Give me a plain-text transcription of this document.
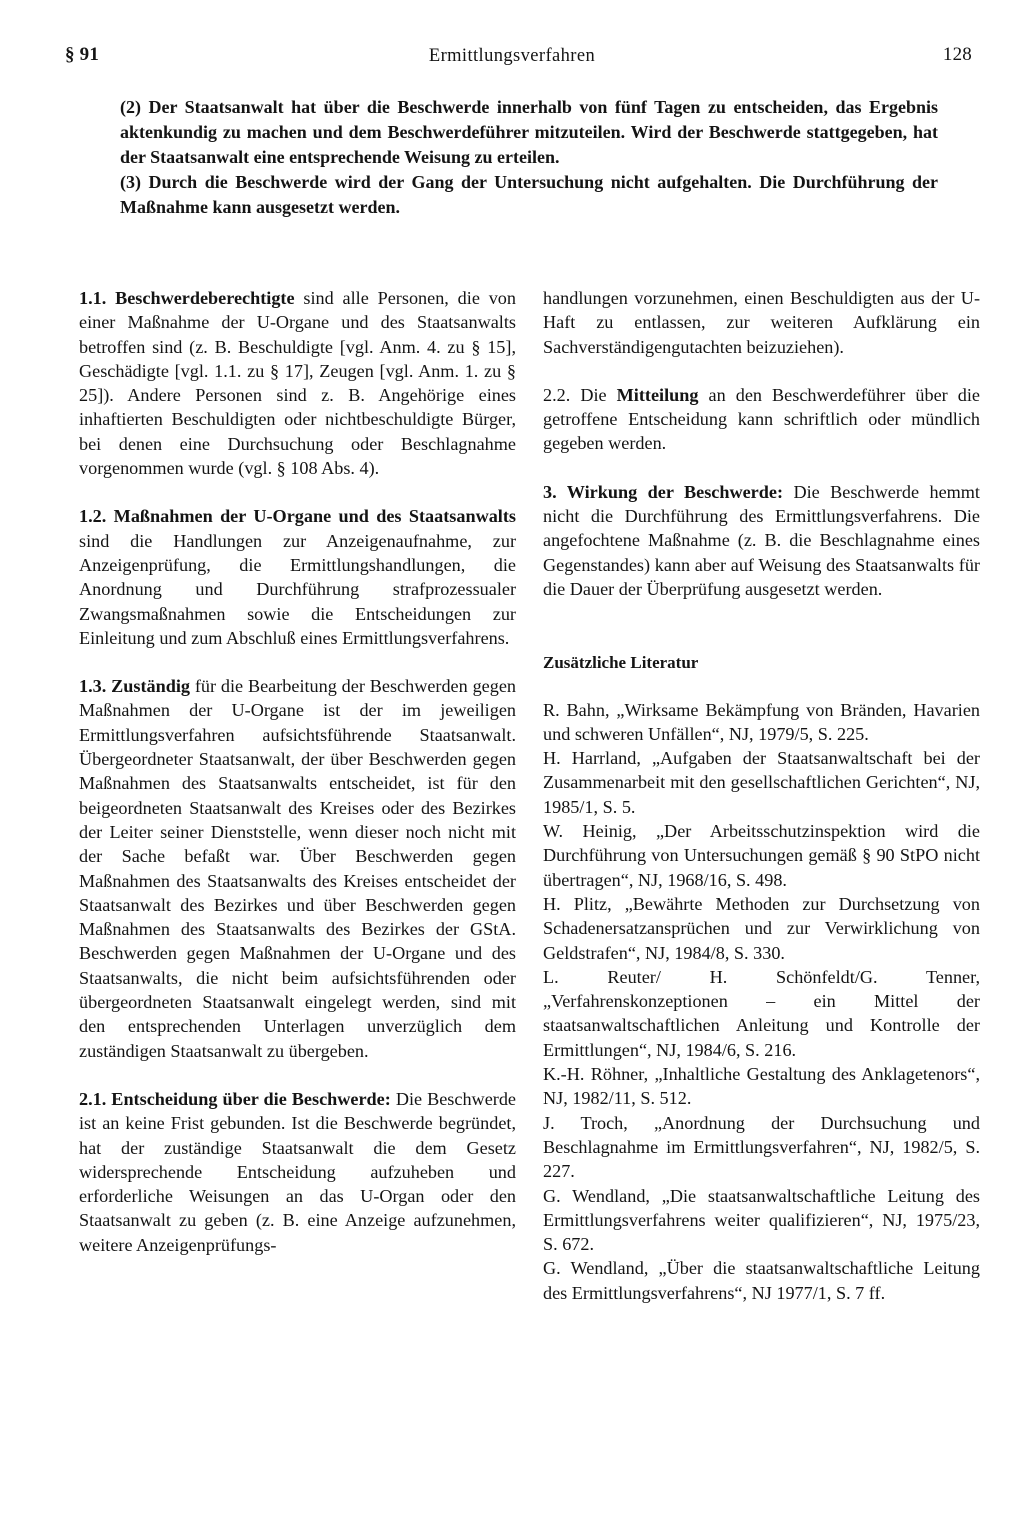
§ 91	Ermittlungsverfahren	128

(2) Der Staatsanwalt hat über die Beschwerde innerhalb von fünf Tagen zu entscheiden, das Ergebnis aktenkundig zu machen und dem Beschwerdeführer mitzuteilen. Wird der Beschwerde stattgegeben, hat der Staatsanwalt eine entsprechende Weisung zu erteilen.

(3) Durch die Beschwerde wird der Gang der Untersuchung nicht aufgehalten. Die Durchführung der Maßnahme kann ausgesetzt werden.

1.1. Beschwerdeberechtigte sind alle Personen, die von einer Maßnahme der U-Organe und des Staatsanwalts betroffen sind (z. B. Beschuldigte [vgl. Anm. 4. zu § 15], Geschädigte [vgl. 1.1. zu § 17], Zeugen [vgl. Anm. 1. zu § 25]). Andere Personen sind z. B. Angehörige eines inhaftierten Beschuldigten oder nichtbeschuldigte Bürger, bei denen eine Durchsuchung oder Beschlagnahme vorgenommen wurde (vgl. § 108 Abs. 4).

1.2. Maßnahmen der U-Organe und des Staatsanwalts sind die Handlungen zur Anzeigenaufnahme, zur Anzeigenprüfung, die Ermittlungshandlungen, die Anordnung und Durchführung strafprozessualer Zwangsmaßnahmen sowie die Entscheidungen zur Einleitung und zum Abschluß eines Ermittlungsverfahrens.

1.3. Zuständig für die Bearbeitung der Beschwerden gegen Maßnahmen der U-Organe ist der im jeweiligen Ermittlungsverfahren aufsichtsführende Staatsanwalt. Übergeordneter Staatsanwalt, der über Beschwerden gegen Maßnahmen des Staatsanwalts entscheidet, ist für den beigeordneten Staatsanwalt des Kreises oder des Bezirkes der Leiter seiner Dienststelle, wenn dieser noch nicht mit der Sache befaßt war. Über Beschwerden gegen Maßnahmen des Staatsanwalts des Kreises entscheidet der Staatsanwalt des Bezirkes und über Beschwerden gegen Maßnahmen des Staatsanwalts des Bezirkes der GStA. Beschwerden gegen Maßnahmen der U-Organe und des Staatsanwalts, die nicht beim aufsichtsführenden oder übergeordneten Staatsanwalt eingelegt werden, sind mit den entsprechenden Unterlagen unverzüglich dem zuständigen Staatsanwalt zu übergeben.

2.1. Entscheidung über die Beschwerde: Die Beschwerde ist an keine Frist gebunden. Ist die Beschwerde begründet, hat der zuständige Staatsanwalt die dem Gesetz widersprechende Entscheidung aufzuheben und erforderliche Weisungen an das U-Organ oder den Staatsanwalt zu geben (z. B. eine Anzeige aufzunehmen, weitere Anzeigenprüfungs-

handlungen vorzunehmen, einen Beschuldigten aus der U-Haft zu entlassen, zur weiteren Aufklärung ein Sachverständigengutachten beizuziehen).

2.2. Die Mitteilung an den Beschwerdeführer über die getroffene Entscheidung kann schriftlich oder mündlich gegeben werden.

3. Wirkung der Beschwerde: Die Beschwerde hemmt nicht die Durchführung des Ermittlungsverfahrens. Die angefochtene Maßnahme (z. B. die Beschlagnahme eines Gegenstandes) kann aber auf Weisung des Staatsanwalts für die Dauer der Überprüfung ausgesetzt werden.

Zusätzliche Literatur
R. Bahn, „Wirksame Bekämpfung von Bränden, Havarien und schweren Unfällen“, NJ, 1979/5, S. 225.
H. Harrland, „Aufgaben der Staatsanwaltschaft bei der Zusammenarbeit mit den gesellschaftlichen Gerichten“, NJ, 1985/1, S. 5.
W. Heinig, „Der Arbeitsschutzinspektion wird die Durchführung von Untersuchungen gemäß § 90 StPO nicht übertragen“, NJ, 1968/16, S. 498.
H. Plitz, „Bewährte Methoden zur Durchsetzung von Schadenersatzansprüchen und zur Verwirklichung von Geldstrafen“, NJ, 1984/8, S. 330.
L. Reuter/ H. Schönfeldt/G. Tenner, „Verfahrenskonzeptionen – ein Mittel der staatsanwaltschaftlichen Anleitung und Kontrolle der Ermittlungen“, NJ, 1984/6, S. 216.
K.-H. Röhner, „Inhaltliche Gestaltung des Anklagetenors“, NJ, 1982/11, S. 512.
J. Troch, „Anordnung der Durchsuchung und Beschlagnahme im Ermittlungsverfahren“, NJ, 1982/5, S. 227.
G. Wendland, „Die staatsanwaltschaftliche Leitung des Ermittlungsverfahrens weiter qualifizieren“, NJ, 1975/23, S. 672.
G. Wendland, „Über die staatsanwaltschaftliche Leitung des Ermittlungsverfahrens“, NJ 1977/1, S. 7 ff.
